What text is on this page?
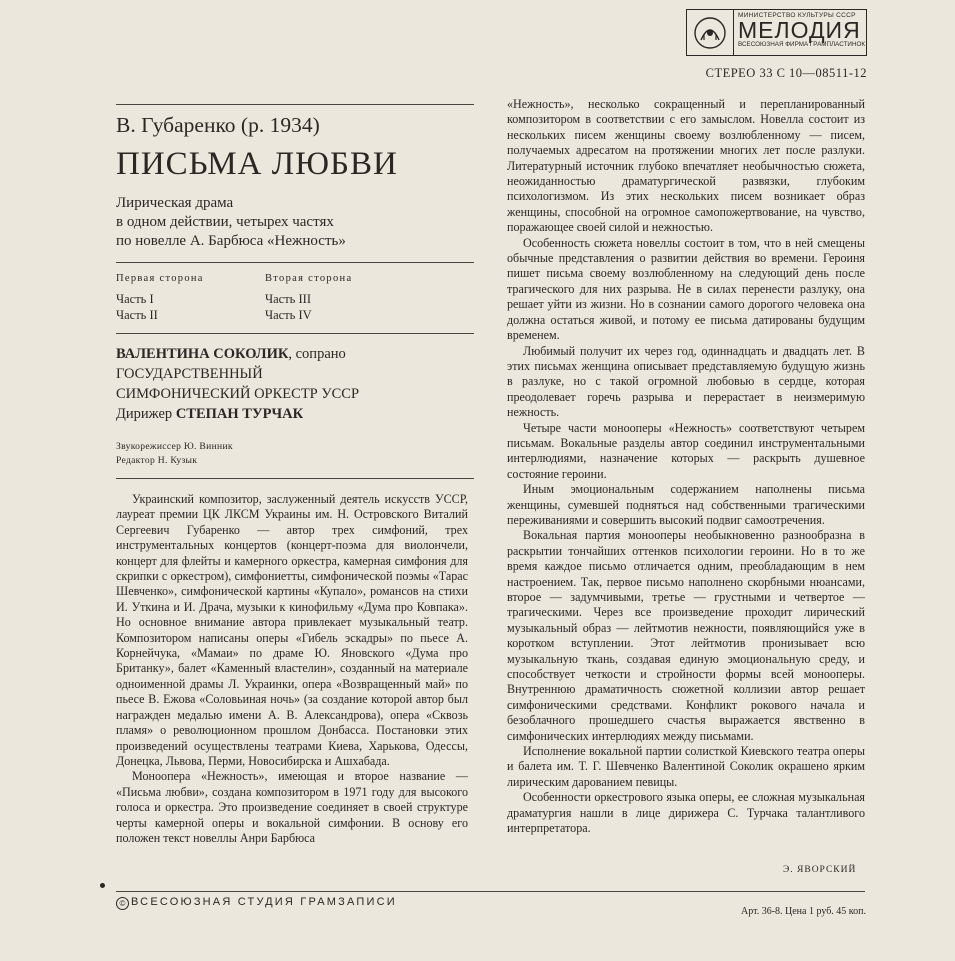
МИНИСТЕРСТВО КУЛЬТУРЫ СССР
МЕЛОДИЯ
ВСЕСОЮЗНАЯ ФИРМА ГРАМПЛАСТИНОК
СТЕРЕО 33 С 10—08511-12
В. Губаренко (р. 1934)
ПИСЬМА ЛЮБВИ
Лирическая драма
в одном действии, четырех частях
по новелле А. Барбюса «Нежность»
Первая сторона	Вторая сторона
Часть I
Часть II
Часть III
Часть IV
ВАЛЕНТИНА СОКОЛИК, сопрано
ГОСУДАРСТВЕННЫЙ
СИМФОНИЧЕСКИЙ ОРКЕСТР УССР
Дирижер СТЕПАН ТУРЧАК
Звукорежиссер Ю. Винник
Редактор Н. Кузык

Украинский композитор, заслуженный деятель искусств УССР, лауреат премии ЦК ЛКСМ Украины им. Н. Островского Виталий Сергеевич Губаренко — автор трех симфоний, трех инструментальных концертов (концерт-поэма для виолончели, концерт для флейты и камерного оркестра, камерная симфония для скрипки с оркестром), симфониетты, симфонической поэмы «Тарас Шевченко», симфонической картины «Купало», романсов на стихи И. Уткина и И. Драча, музыки к кинофильму «Дума про Ковпака». Но основное внимание автора привлекает музыкальный театр. Композитором написаны оперы «Гибель эскадры» по пьесе А. Корнейчука, «Мамаи» по драме Ю. Яновского «Дума про Британку», балет «Каменный властелин», созданный на материале одноименной драмы Л. Украинки, опера «Возвращенный май» по пьесе В. Ежова «Соловьиная ночь» (за создание которой автор был награжден медалью имени А. В. Александрова), опера «Сквозь пламя» о революционном прошлом Донбасса. Постановки этих произведений осуществлены театрами Киева, Харькова, Одессы, Донецка, Львова, Перми, Новосибирска и Ашхабада.

Монoопера «Нежность», имеющая и второе название — «Письма любви», создана композитором в 1971 году для высокого голоса и оркестра. Это произведение соединяет в своей структуре черты камерной оперы и вокальной симфонии. В основу его положен текст новеллы Анри Барбюса

«Нежность», несколько сокращенный и перепланированный композитором в соответствии с его замыслом. Новелла состоит из нескольких писем женщины своему возлюбленному — писем, получаемых адресатом на протяжении многих лет после разлуки. Литературный источник глубоко впечатляет необычностью сюжета, неожиданностью драматургической развязки, глубоким психологизмом. Из этих нескольких писем возникает образ женщины, способной на огромное самопожертвование, на чувство, поражающее своей силой и нежностью.

Особенность сюжета новеллы состоит в том, что в ней смещены обычные представления о развитии действия во времени. Героиня пишет письма своему возлюбленному на следующий день после трагического для них разрыва. Не в силах перенести разлуку, она решает уйти из жизни. Но в сознании самого дорогого человека она должна остаться живой, и потому ее письма датированы будущим временем.

Любимый получит их через год, одиннадцать и двадцать лет. В этих письмах женщина описывает представляемую будущую жизнь в разлуке, но с такой огромной любовью в сердце, которая преодолевает горечь разрыва и перерастает в неизмеримую нежность.

Четыре части монооперы «Нежность» соответствуют четырем письмам. Вокальные разделы автор соединил инструментальными интерлюдиями, назначение которых — раскрыть душевное состояние героини.

Иным эмоциональным содержанием наполнены письма женщины, сумевшей подняться над собственными трагическими переживаниями и совершить высокий подвиг самоотречения.

Вокальная партия монооперы необыкновенно разнообразна в раскрытии тончайших оттенков психологии героини. Но в то же время каждое письмо отличается одним, преобладающим в нем настроением. Так, первое письмо наполнено скорбными нюансами, второе — задумчивыми, третье — грустными и четвертое — трагическими. Через все произведение проходит лирический музыкальный образ — лейтмотив нежности, появляющийся уже в коротком вступлении. Этот лейтмотив пронизывает всю музыкальную ткань, создавая единую эмоциональную среду, и способствует четкости и стройности формы всей монооперы. Внутреннюю драматичность сюжетной коллизии автор решает симфоническими средствами. Конфликт рокового начала и безоблачного прошедшего счастья выражается явственно в симфонических интерлюдиях между письмами.

Исполнение вокальной партии солисткой Киевского театра оперы и балета им. Т. Г. Шевченко Валентиной Соколик окрашено ярким лирическим дарованием певицы.

Особенности оркестрового языка оперы, ее сложная музыкальная драматургия нашли в лице дирижера С. Турчака талантливого интерпретатора.

Э. ЯВОРСКИЙ
© ВСЕСОЮЗНАЯ СТУДИЯ ГРАМЗАПИСИ
Арт. 36-8. Цена 1 руб. 45 коп.
